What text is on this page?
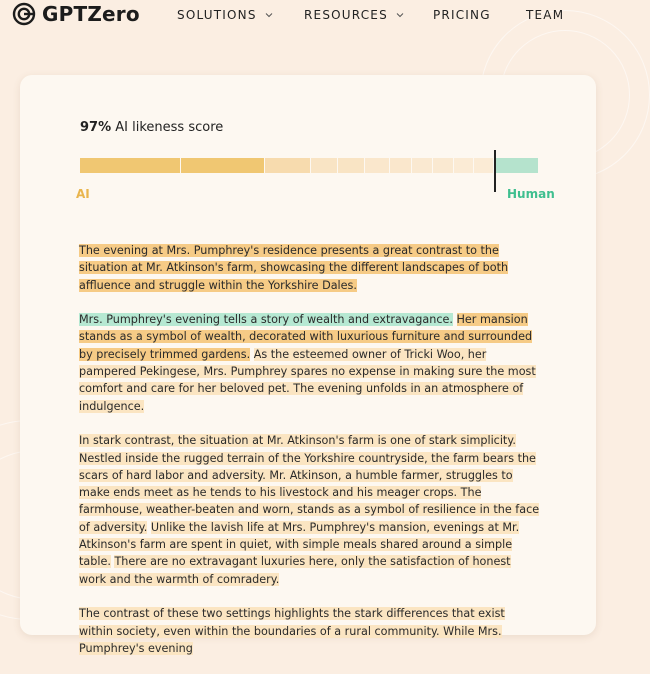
GPTZero	SOLUTIONS	RESOURCES	PRICING	TEAM
97% AI likeness score
AI	Human

The evening at Mrs. Pumphrey's residence presents a great contrast to the situation at Mr. Atkinson's farm, showcasing the different landscapes of both affluence and struggle within the Yorkshire Dales.

Mrs. Pumphrey's evening tells a story of wealth and extravagance. Her mansion stands as a symbol of wealth, decorated with luxurious furniture and surrounded by precisely trimmed gardens. As the esteemed owner of Tricki Woo, her pampered Pekingese, Mrs. Pumphrey spares no expense in making sure the most comfort and care for her beloved pet. The evening unfolds in an atmosphere of indulgence.

In stark contrast, the situation at Mr. Atkinson's farm is one of stark simplicity. Nestled inside the rugged terrain of the Yorkshire countryside, the farm bears the scars of hard labor and adversity. Mr. Atkinson, a humble farmer, struggles to make ends meet as he tends to his livestock and his meager crops. The farmhouse, weather-beaten and worn, stands as a symbol of resilience in the face of adversity. Unlike the lavish life at Mrs. Pumphrey's mansion, evenings at Mr. Atkinson's farm are spent in quiet, with simple meals shared around a simple table. There are no extravagant luxuries here, only the satisfaction of honest work and the warmth of comradery.

The contrast of these two settings highlights the stark differences that exist within society, even within the boundaries of a rural community. While Mrs. Pumphrey's evening
